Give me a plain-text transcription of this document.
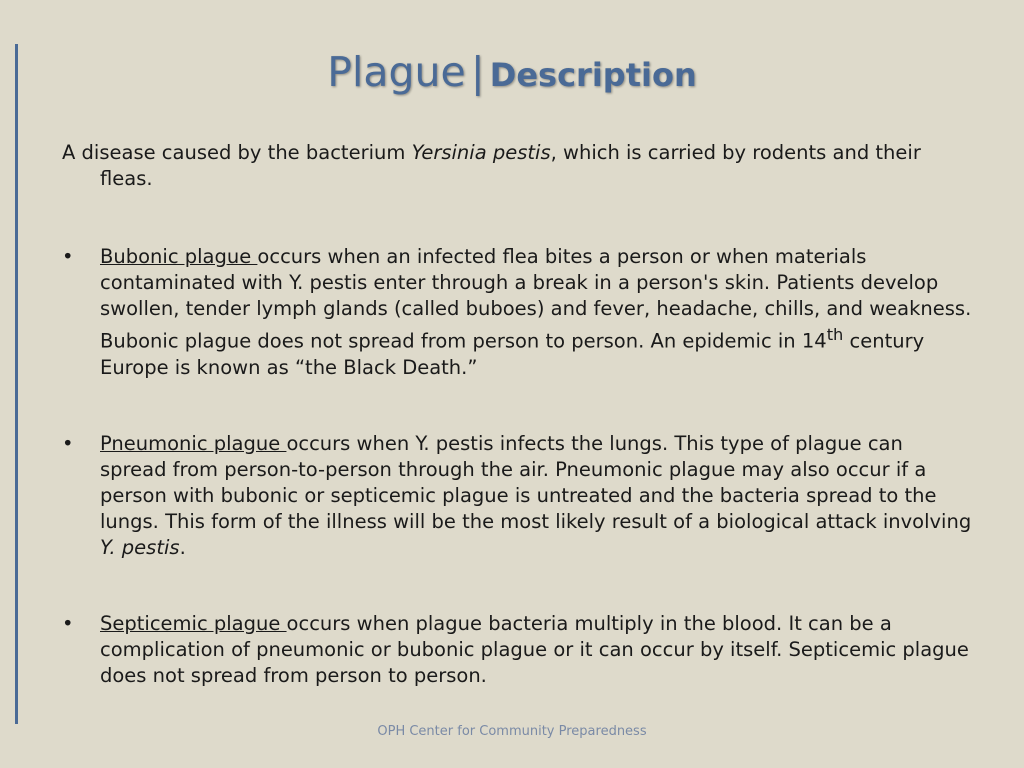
Plague | Description

A disease caused by the bacterium Yersinia pestis, which is carried by rodents and their fleas.

• Bubonic plague occurs when an infected flea bites a person or when materials contaminated with Y. pestis enter through a break in a person's skin. Patients develop swollen, tender lymph glands (called buboes) and fever, headache, chills, and weakness. Bubonic plague does not spread from person to person. An epidemic in 14th century Europe is known as “the Black Death.”

• Pneumonic plague occurs when Y. pestis infects the lungs. This type of plague can spread from person-to-person through the air. Pneumonic plague may also occur if a person with bubonic or septicemic plague is untreated and the bacteria spread to the lungs. This form of the illness will be the most likely result of a biological attack involving Y. pestis.

• Septicemic plague occurs when plague bacteria multiply in the blood. It can be a complication of pneumonic or bubonic plague or it can occur by itself. Septicemic plague does not spread from person to person.

OPH Center for Community Preparedness
